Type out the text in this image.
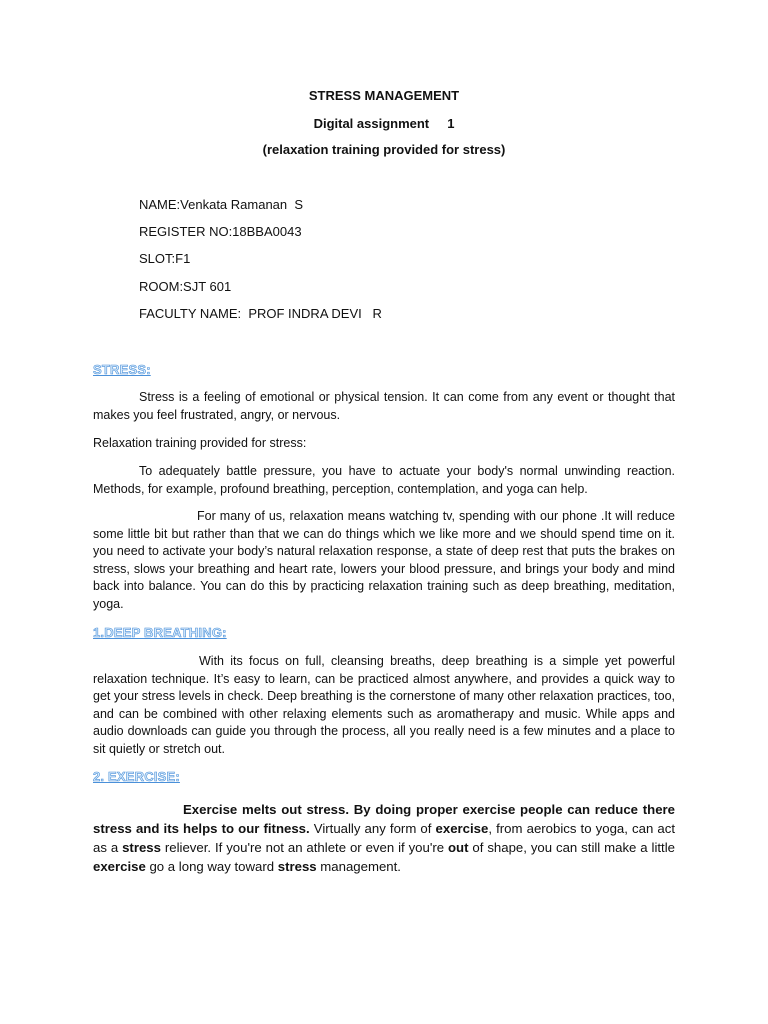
STRESS MANAGEMENT
Digital assignment     1
(relaxation training provided for stress)
NAME:Venkata Ramanan  S
REGISTER NO:18BBA0043
SLOT:F1
ROOM:SJT 601
FACULTY NAME:  PROF INDRA DEVI   R
STRESS:
Stress is a feeling of emotional or physical tension. It can come from any event or thought that makes you feel frustrated, angry, or nervous.
Relaxation training provided for stress:
To adequately battle pressure, you have to actuate your body's normal unwinding reaction. Methods, for example, profound breathing, perception, contemplation, and yoga can help.
For many of us, relaxation means watching tv, spending with our phone .It will reduce some little bit but rather than that we can do things which we like more and we should spend time on it. you need to activate your body’s natural relaxation response, a state of deep rest that puts the brakes on stress, slows your breathing and heart rate, lowers your blood pressure, and brings your body and mind back into balance. You can do this by practicing relaxation training such as deep breathing, meditation, yoga.
1.DEEP BREATHING:
With its focus on full, cleansing breaths, deep breathing is a simple yet powerful relaxation technique. It’s easy to learn, can be practiced almost anywhere, and provides a quick way to get your stress levels in check. Deep breathing is the cornerstone of many other relaxation practices, too, and can be combined with other relaxing elements such as aromatherapy and music. While apps and audio downloads can guide you through the process, all you really need is a few minutes and a place to sit quietly or stretch out.
2. EXERCISE:
Exercise melts out stress. By doing proper exercise people can reduce there stress and its helps to our fitness. Virtually any form of exercise, from aerobics to yoga, can act as a stress reliever. If you're not an athlete or even if you're out of shape, you can still make a little exercise go a long way toward stress management.
